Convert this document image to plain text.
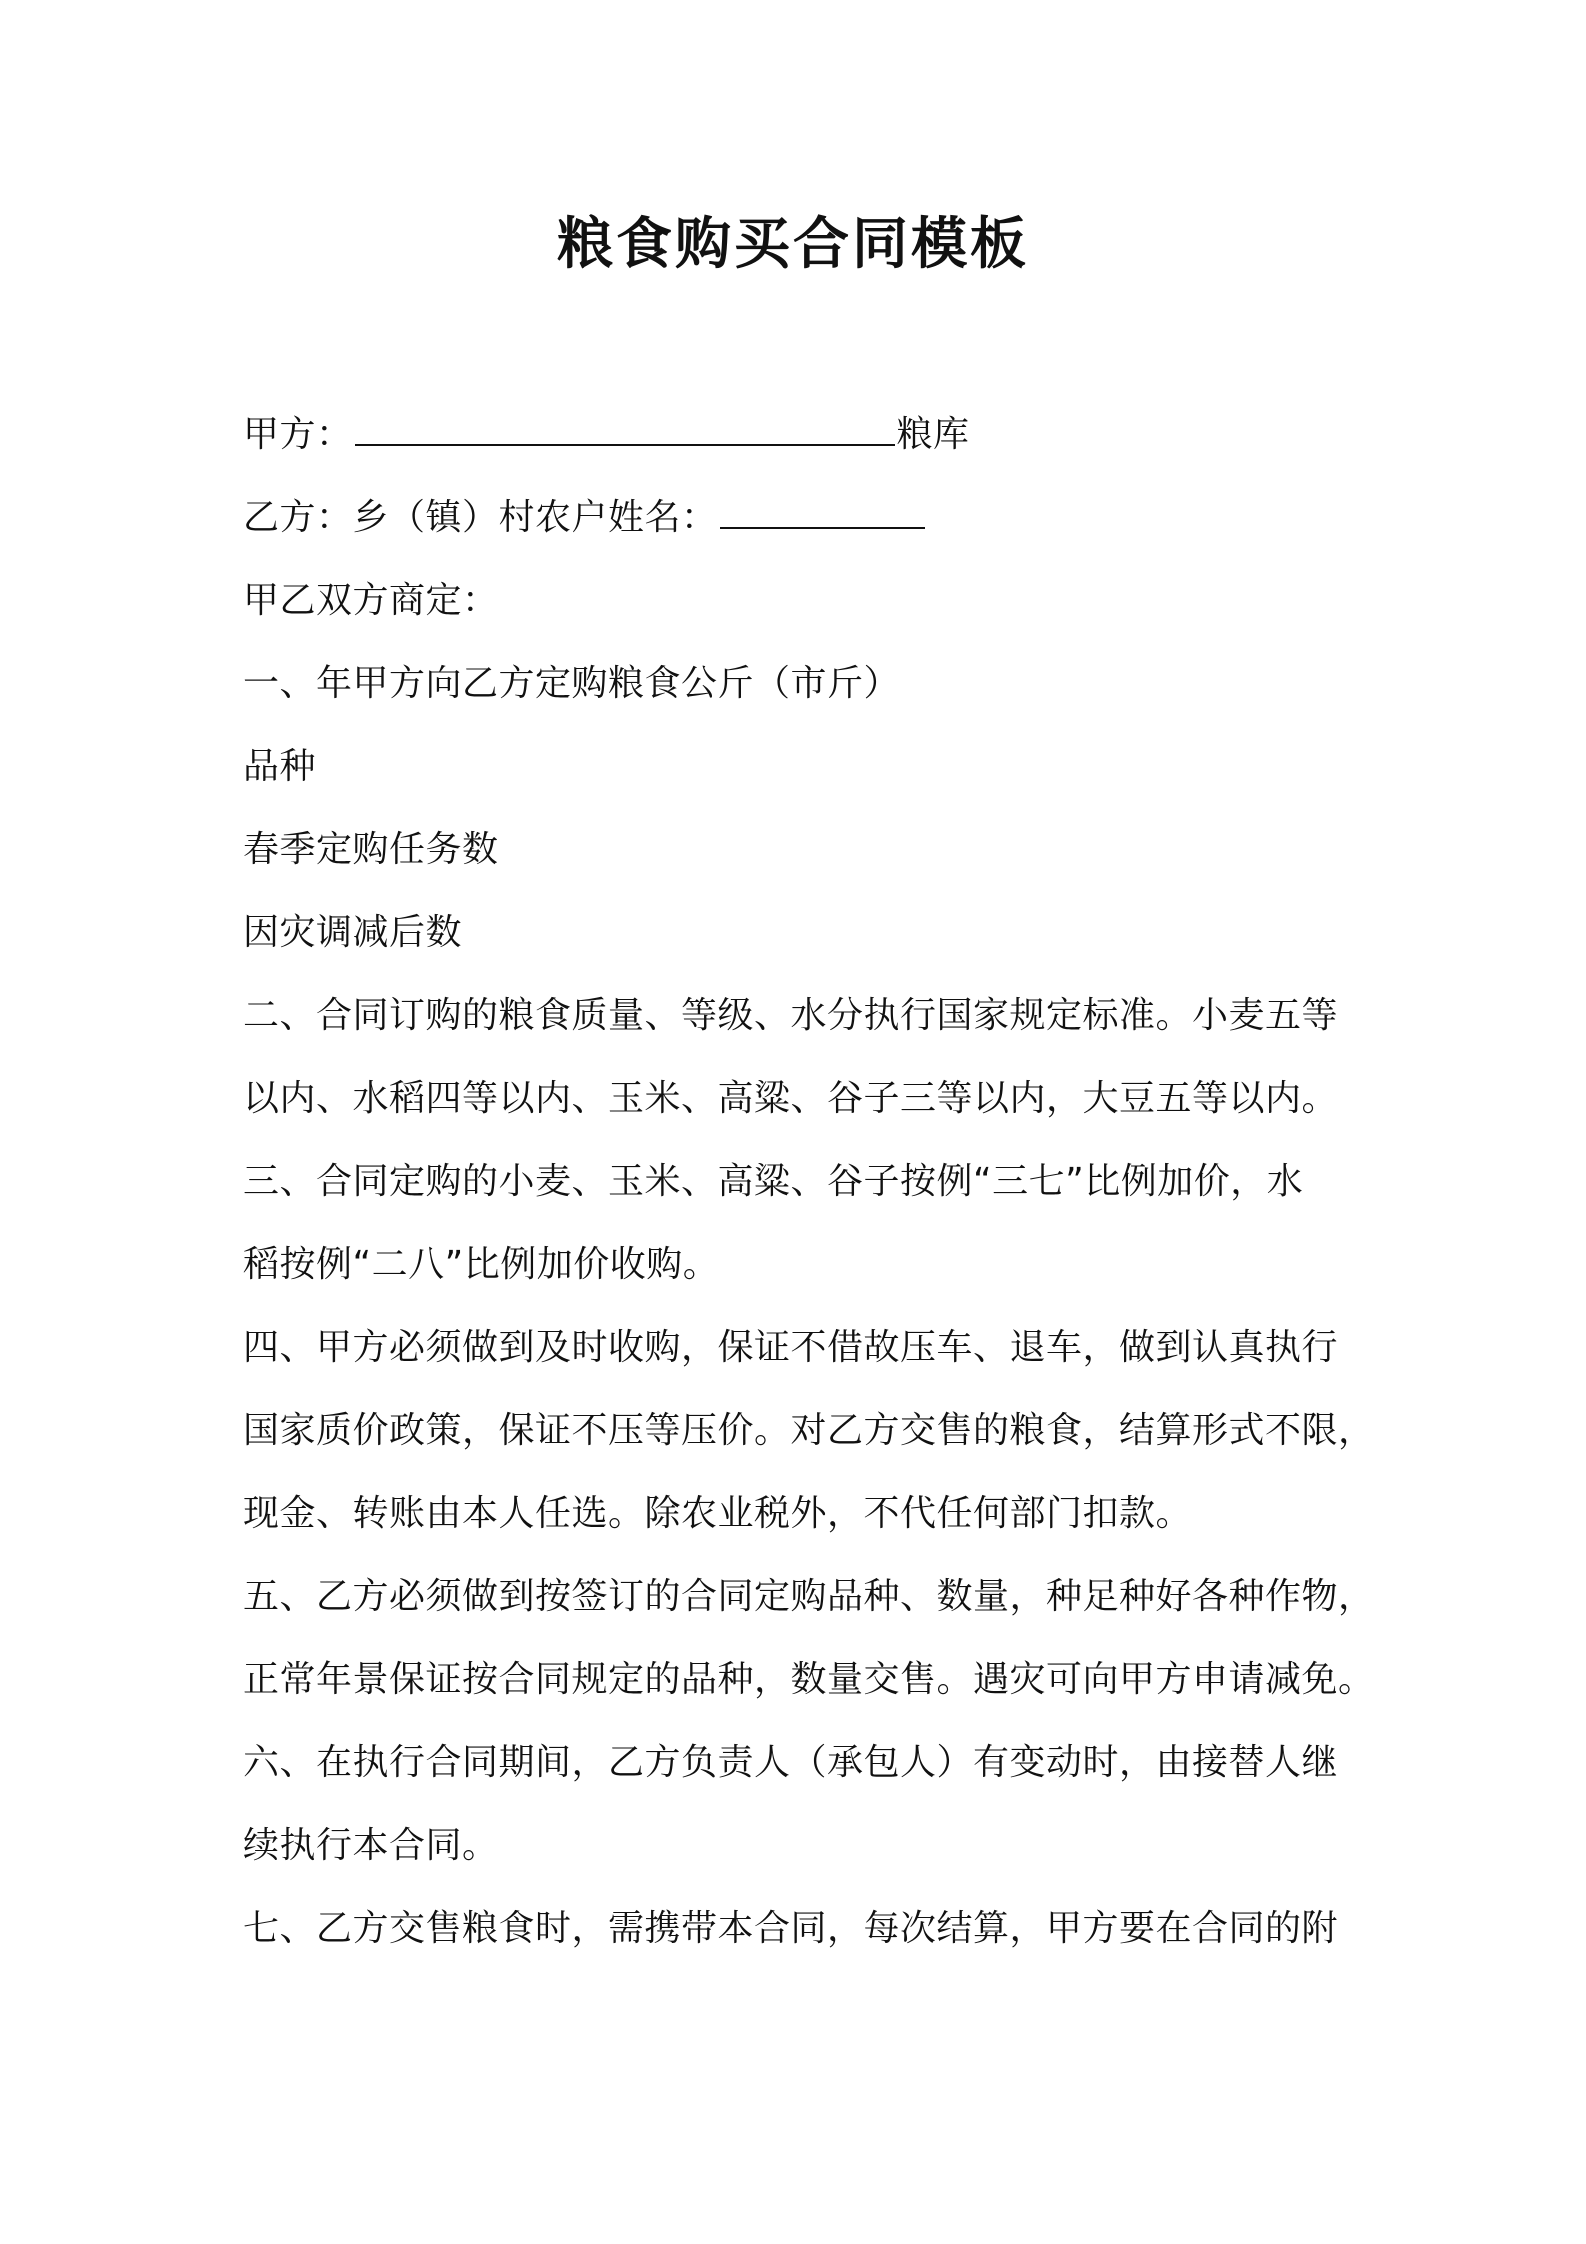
粮食购买合同模板
甲方：	粮库
乙方：乡（镇）村农户姓名：
甲乙双方商定：
一、年甲方向乙方定购粮食公斤（市斤）
品种
春季定购任务数
因灾调减后数
二、合同订购的粮食质量、等级、水分执行国家规定标准。小麦五等
以内、水稻四等以内、玉米、高粱、谷子三等以内，大豆五等以内。
三、合同定购的小麦、玉米、高粱、谷子按例“三七”比例加价，水
稻按例“二八”比例加价收购。
四、甲方必须做到及时收购，保证不借故压车、退车，做到认真执行
国家质价政策，保证不压等压价。对乙方交售的粮食，结算形式不限，
现金、转账由本人任选。除农业税外，不代任何部门扣款。
五、乙方必须做到按签订的合同定购品种、数量，种足种好各种作物，
正常年景保证按合同规定的品种，数量交售。遇灾可向甲方申请减免。
六、在执行合同期间，乙方负责人（承包人）有变动时，由接替人继
续执行本合同。
七、乙方交售粮食时，需携带本合同，每次结算，甲方要在合同的附
